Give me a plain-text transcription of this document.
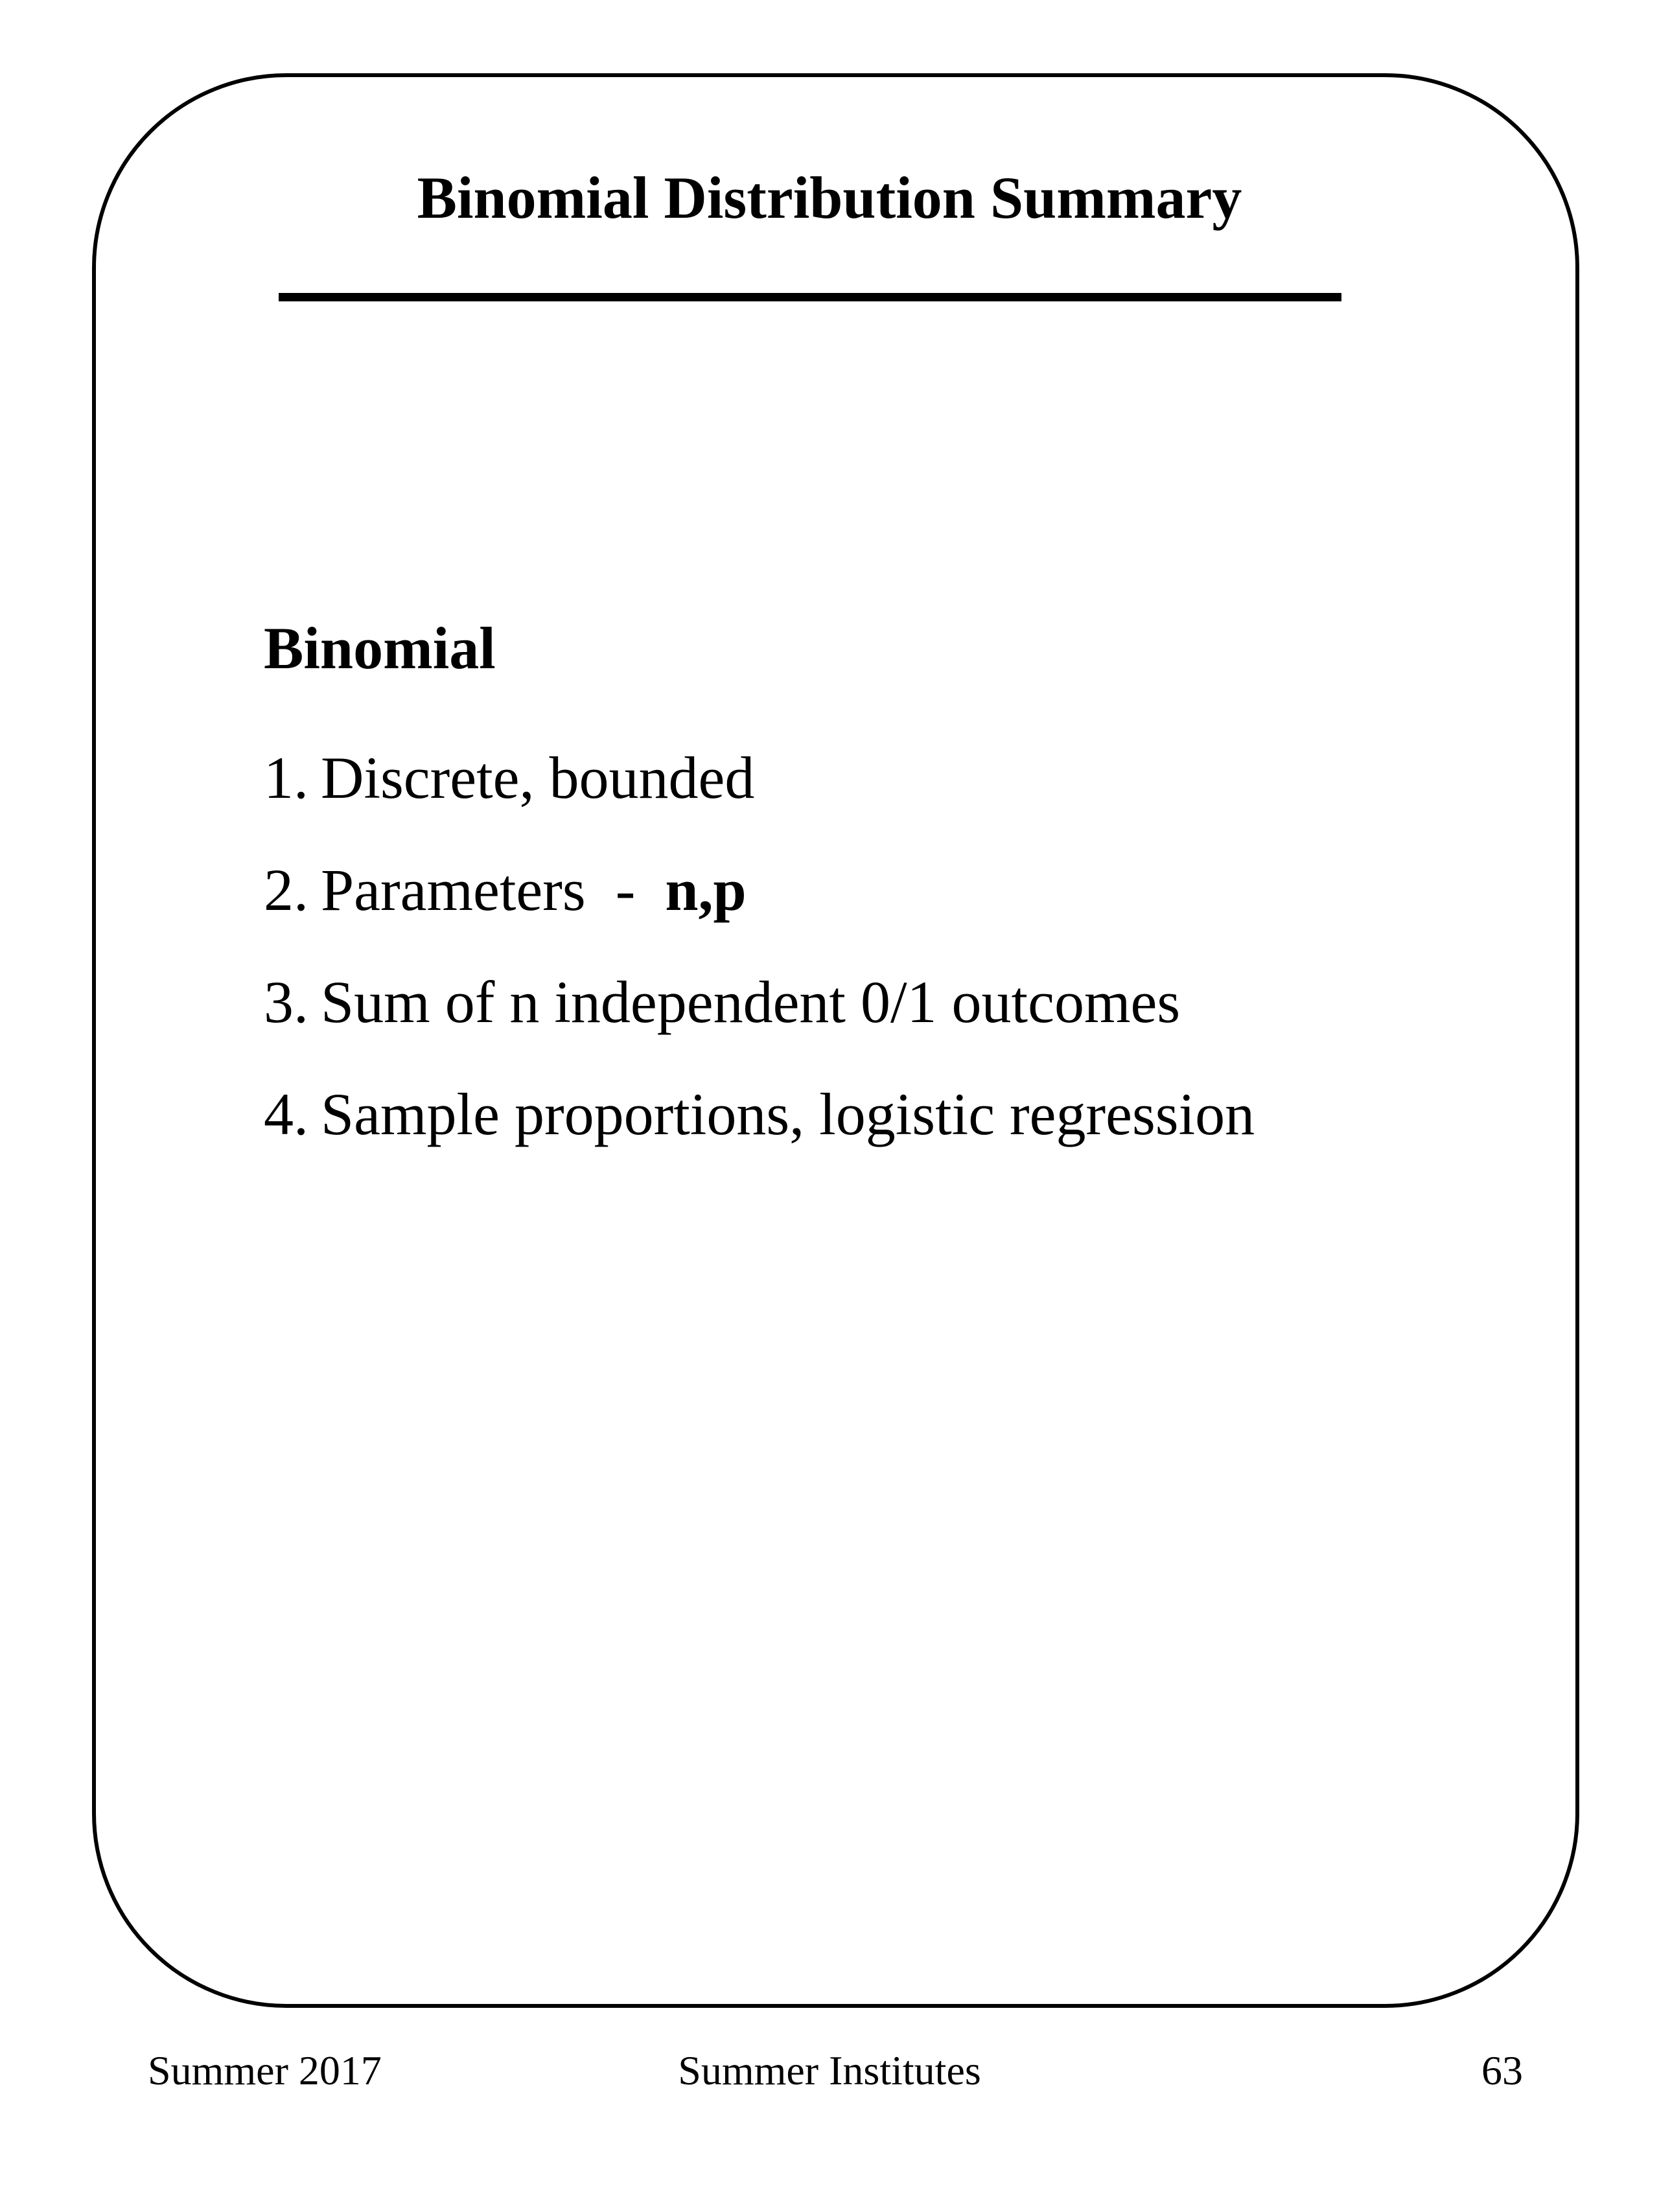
Binomial Distribution Summary
Binomial
1. Discrete, bounded
2. Parameters  -  n,p
3. Sum of n independent 0/1 outcomes
4. Sample proportions, logistic regression
Summer 2017	Summer Institutes	63
